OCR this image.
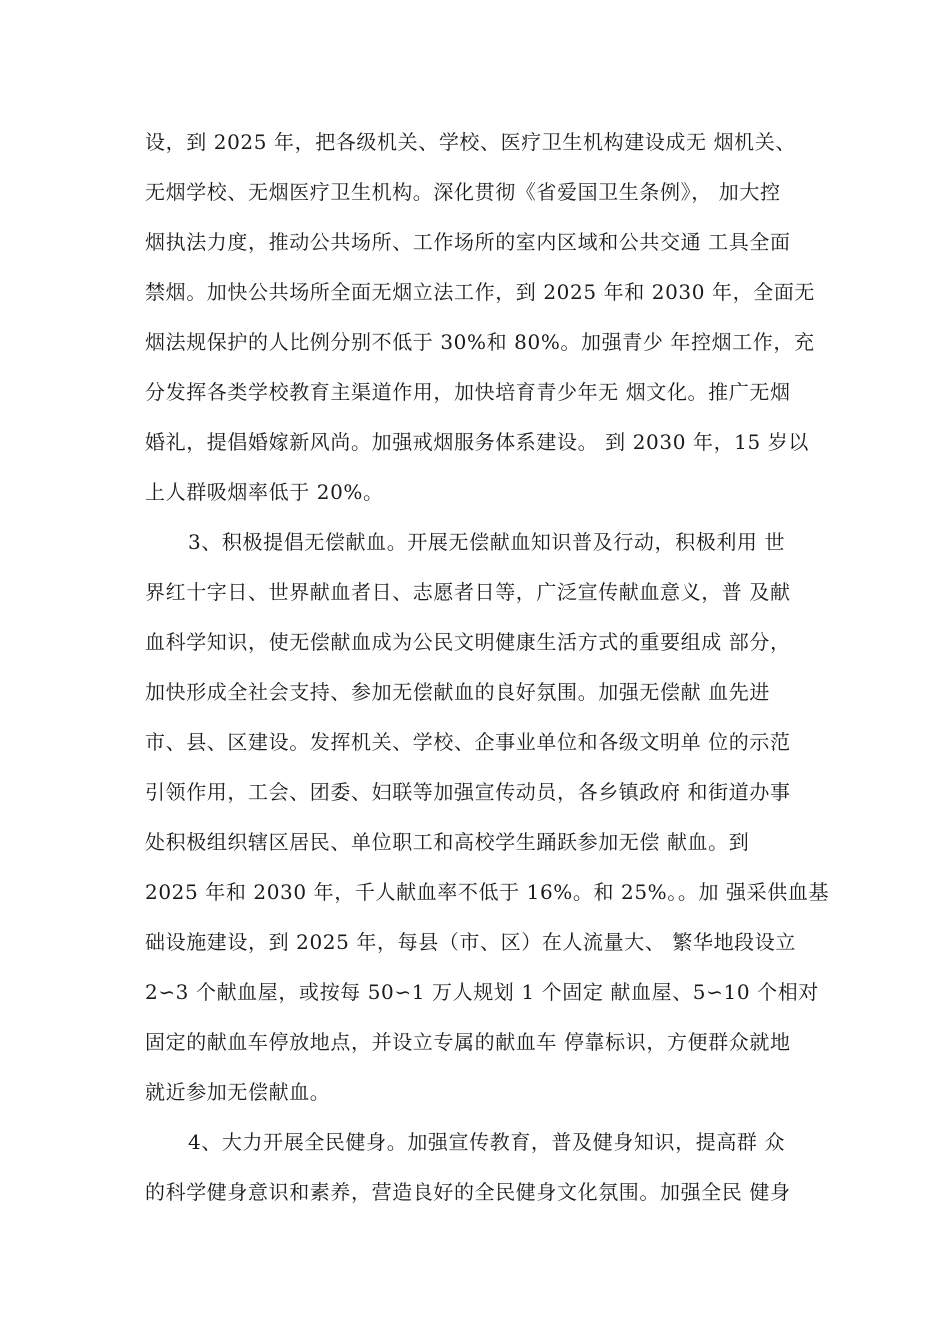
设，到 2025 年，把各级机关、学校、医疗卫生机构建设成无 烟机关、
无烟学校、无烟医疗卫生机构。深化贯彻《省爱国卫生条例》， 加大控
烟执法力度，推动公共场所、工作场所的室内区域和公共交通 工具全面
禁烟。加快公共场所全面无烟立法工作，到 2025 年和 2030 年，全面无
烟法规保护的人比例分别不低于 30%和 80%。加强青少 年控烟工作，充
分发挥各类学校教育主渠道作用，加快培育青少年无 烟文化。推广无烟
婚礼，提倡婚嫁新风尚。加强戒烟服务体系建设。 到 2030 年，15 岁以
上人群吸烟率低于 20%。
3、积极提倡无偿献血。开展无偿献血知识普及行动，积极利用 世
界红十字日、世界献血者日、志愿者日等，广泛宣传献血意义，普 及献
血科学知识，使无偿献血成为公民文明健康生活方式的重要组成 部分，
加快形成全社会支持、参加无偿献血的良好氛围。加强无偿献 血先进
市、县、区建设。发挥机关、学校、企事业单位和各级文明单 位的示范
引领作用，工会、团委、妇联等加强宣传动员，各乡镇政府 和街道办事
处积极组织辖区居民、单位职工和高校学生踊跃参加无偿 献血。到
2025 年和 2030 年，千人献血率不低于 16%。和 25%。。加 强采供血基
础设施建设，到 2025 年，每县（市、区）在人流量大、 繁华地段设立
2∽3 个献血屋，或按每 50∽1 万人规划 1 个固定 献血屋、5∽10 个相对
固定的献血车停放地点，并设立专属的献血车 停靠标识，方便群众就地
就近参加无偿献血。
4、大力开展全民健身。加强宣传教育，普及健身知识，提高群 众
的科学健身意识和素养，营造良好的全民健身文化氛围。加强全民 健身
